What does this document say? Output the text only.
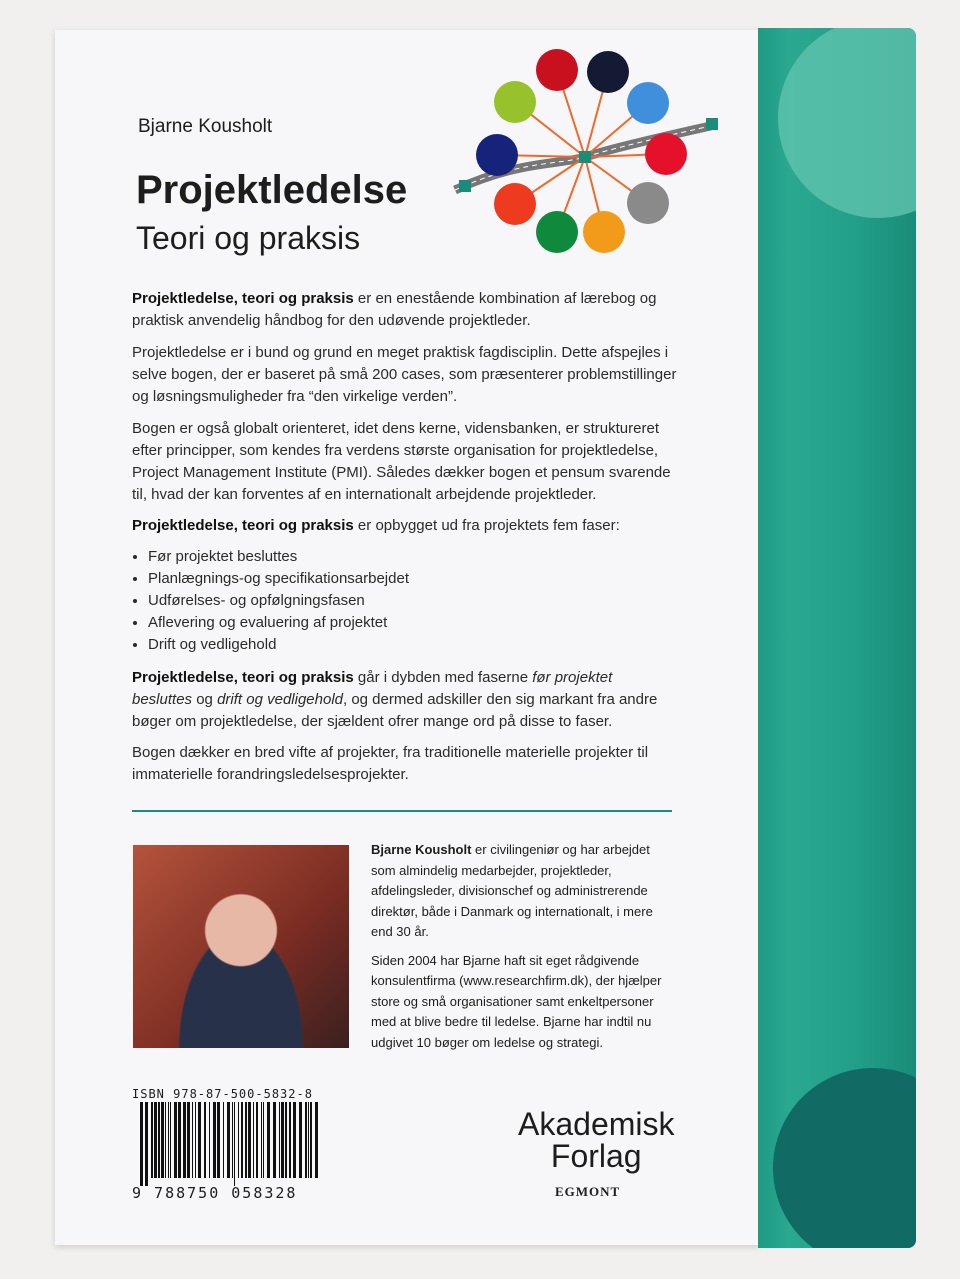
Bjarne Kousholt
Projektledelse
Teori og praksis
Projektledelse, teori og praksis er en enestående kombination af lærebog og praktisk anvendelig håndbog for den udøvende projektleder.
Projektledelse er i bund og grund en meget praktisk fagdisciplin. Dette afspejles i selve bogen, der er baseret på små 200 cases, som præsenterer problemstillinger og løsningsmuligheder fra “den virkelige verden”.
Bogen er også globalt orienteret, idet dens kerne, vidensbanken, er struktureret efter principper, som kendes fra verdens største organisation for projektledelse, Project Management Institute (PMI). Således dækker bogen et pensum svarende til, hvad der kan forventes af en internationalt arbejdende projektleder.
Projektledelse, teori og praksis er opbygget ud fra projektets fem faser:
• Før projektet besluttes
• Planlægnings-og specifikationsarbejdet
• Udførelses- og opfølgningsfasen
• Aflevering og evaluering af projektet
• Drift og vedligehold
Projektledelse, teori og praksis går i dybden med faserne før projektet besluttes og drift og vedligehold, og dermed adskiller den sig markant fra andre bøger om projektledelse, der sjældent ofrer mange ord på disse to faser.
Bogen dækker en bred vifte af projekter, fra traditionelle materielle projekter til immaterielle forandringsledelsesprojekter.
Bjarne Kousholt er civilingeniør og har arbejdet som almindelig medarbejder, projektleder, afdelingsleder, divisionschef og administrerende direktør, både i Danmark og internationalt, i mere end 30 år.
Siden 2004 har Bjarne haft sit eget rådgivende konsulentfirma (www.researchfirm.dk), der hjælper store og små organisationer samt enkeltpersoner med at blive bedre til ledelse. Bjarne har indtil nu udgivet 10 bøger om ledelse og strategi.
ISBN 978-87-500-5832-8
9 788750 058328
Akademisk
Forlag
EGMONT
